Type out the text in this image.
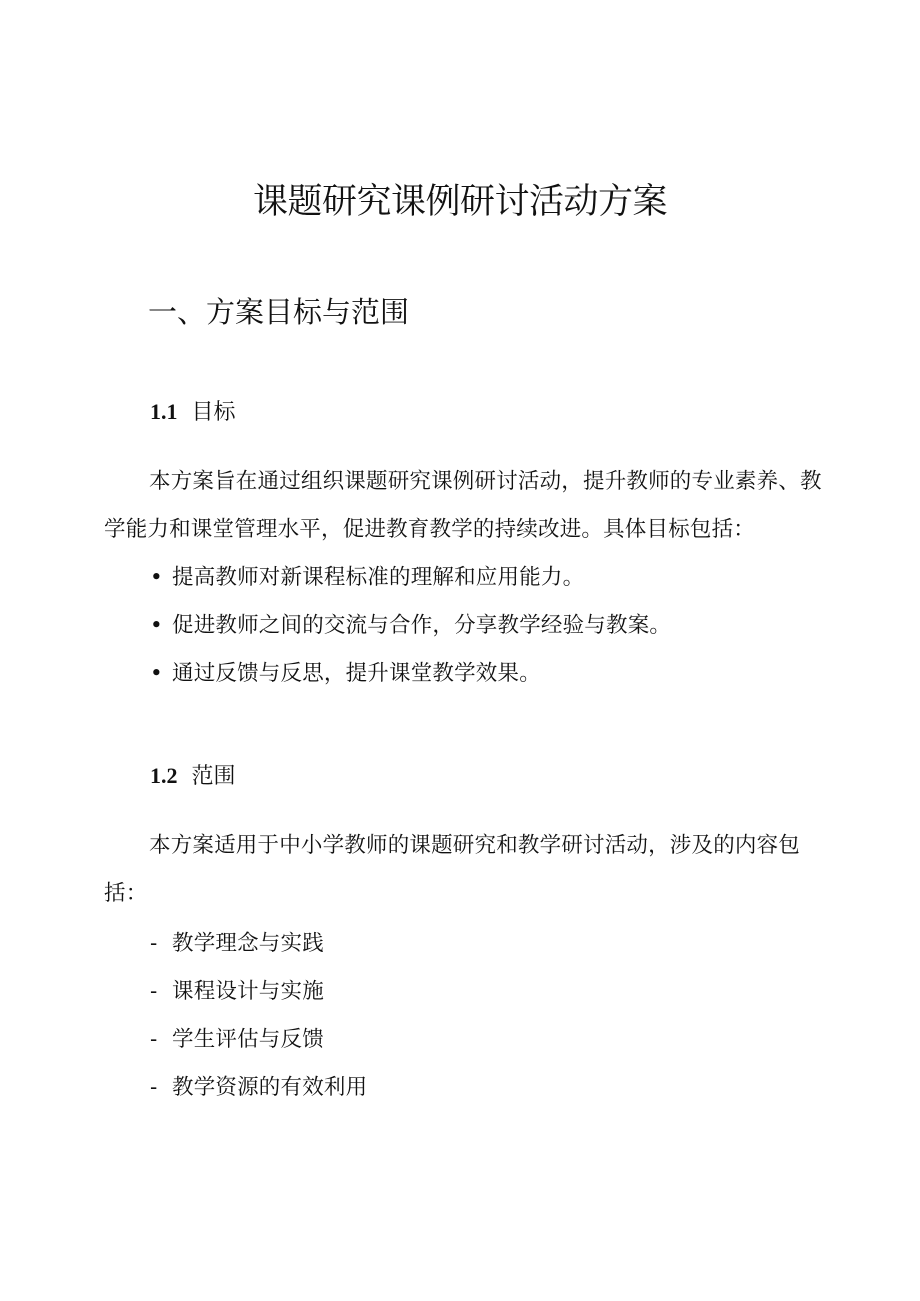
课题研究课例研讨活动方案
一、方案目标与范围
1.1 目标

本方案旨在通过组织课题研究课例研讨活动，提升教师的专业素养、教学能力和课堂管理水平，促进教育教学的持续改进。具体目标包括：

• 提高教师对新课程标准的理解和应用能力。
• 促进教师之间的交流与合作，分享教学经验与教案。
• 通过反馈与反思，提升课堂教学效果。
1.2 范围

本方案适用于中小学教师的课题研究和教学研讨活动，涉及的内容包括：

- 教学理念与实践
- 课程设计与实施
- 学生评估与反馈
- 教学资源的有效利用
